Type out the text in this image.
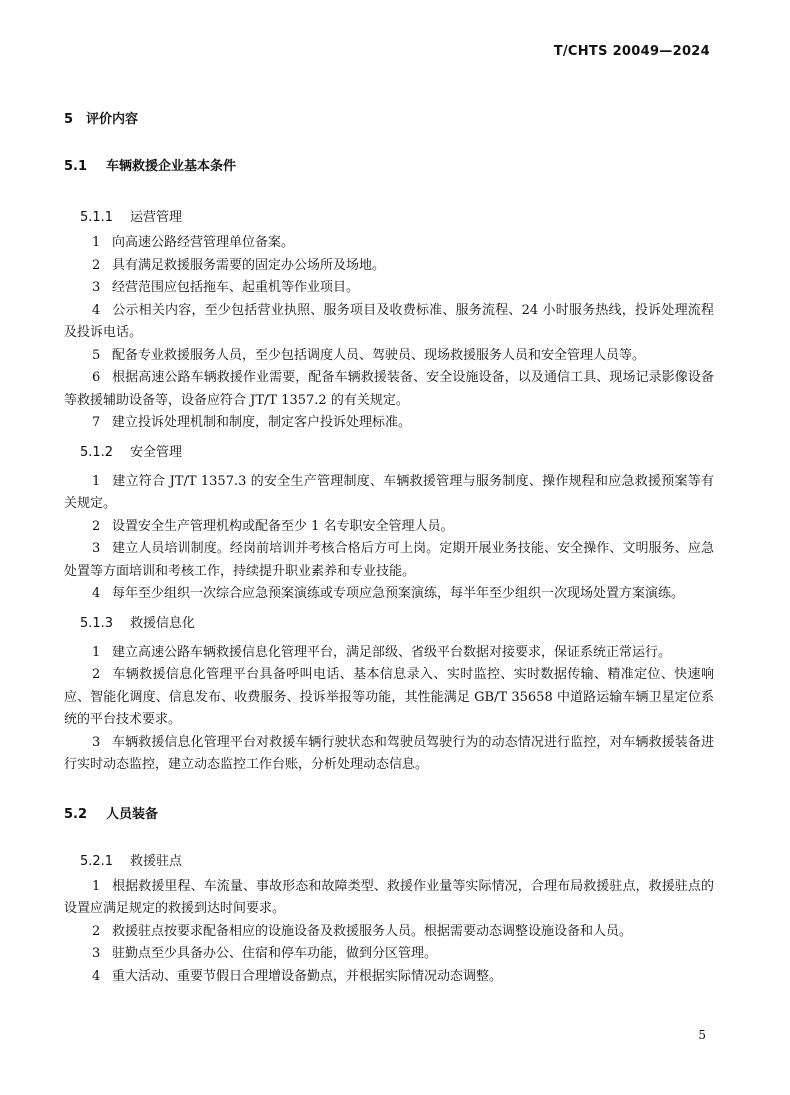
T/CHTS 20049—2024
5 评价内容
5.1 车辆救援企业基本条件
5.1.1 运营管理

1 向高速公路经营管理单位备案。

2 具有满足救援服务需要的固定办公场所及场地。

3 经营范围应包括拖车、起重机等作业项目。

4 公示相关内容，至少包括营业执照、服务项目及收费标准、服务流程、24 小时服务热线，投诉处理流程及投诉电话。

5 配备专业救援服务人员，至少包括调度人员、驾驶员、现场救援服务人员和安全管理人员等。

6 根据高速公路车辆救援作业需要，配备车辆救援装备、安全设施设备，以及通信工具、现场记录影像设备等救援辅助设备等，设备应符合 JT/T 1357.2 的有关规定。

7 建立投诉处理机制和制度，制定客户投诉处理标准。

5.1.2 安全管理

1 建立符合 JT/T 1357.3 的安全生产管理制度、车辆救援管理与服务制度、操作规程和应急救援预案等有关规定。

2 设置安全生产管理机构或配备至少 1 名专职安全管理人员。

3 建立人员培训制度。经岗前培训并考核合格后方可上岗。定期开展业务技能、安全操作、文明服务、应急处置等方面培训和考核工作，持续提升职业素养和专业技能。

4 每年至少组织一次综合应急预案演练或专项应急预案演练，每半年至少组织一次现场处置方案演练。

5.1.3 救援信息化

1 建立高速公路车辆救援信息化管理平台，满足部级、省级平台数据对接要求，保证系统正常运行。

2 车辆救援信息化管理平台具备呼叫电话、基本信息录入、实时监控、实时数据传输、精准定位、快速响应、智能化调度、信息发布、收费服务、投诉举报等功能，其性能满足 GB/T 35658 中道路运输车辆卫星定位系统的平台技术要求。

3 车辆救援信息化管理平台对救援车辆行驶状态和驾驶员驾驶行为的动态情况进行监控，对车辆救援装备进行实时动态监控，建立动态监控工作台账，分析处理动态信息。

5.2 人员装备
5.2.1 救援驻点

1 根据救援里程、车流量、事故形态和故障类型、救援作业量等实际情况，合理布局救援驻点，救援驻点的设置应满足规定的救援到达时间要求。

2 救援驻点按要求配备相应的设施设备及救援服务人员。根据需要动态调整设施设备和人员。

3 驻勤点至少具备办公、住宿和停车功能，做到分区管理。

4 重大活动、重要节假日合理增设备勤点，并根据实际情况动态调整。

5
